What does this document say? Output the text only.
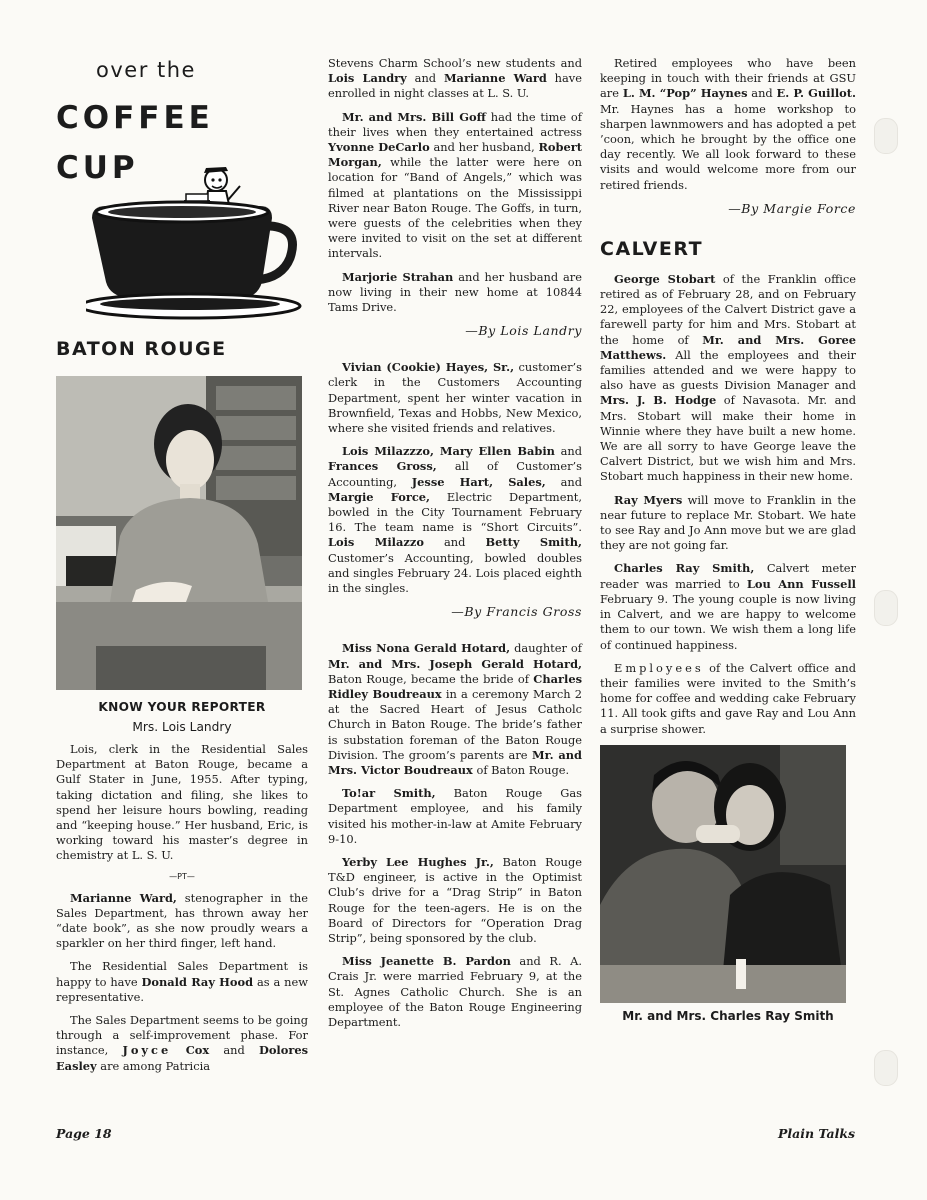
over the
COFFEE
CUP
BATON ROUGE

KNOW YOUR REPORTER

Mrs. Lois Landry

Lois, clerk in the Residential Sales Department at Baton Rouge, became a Gulf Stater in June, 1955. After typing, taking dictation and filing, she likes to spend her leisure hours bowling, reading and “keeping house.” Her husband, Eric, is working toward his master’s degree in chemistry at L. S. U.

—PT—

Marianne Ward, stenographer in the Sales Department, has thrown away her “date book”, as she now proudly wears a sparkler on her third finger, left hand.

The Residential Sales Department is happy to have Donald Ray Hood as a new representative.

The Sales Department seems to be going through a self-improvement phase. For instance, Joyce Cox and Dolores Easley are among Patricia

Stevens Charm School’s new students and Lois Landry and Marianne Ward have enrolled in night classes at L. S. U.

Mr. and Mrs. Bill Goff had the time of their lives when they entertained actress Yvonne DeCarlo and her husband, Robert Morgan, while the latter were here on location for “Band of Angels,” which was filmed at plantations on the Mississippi River near Baton Rouge. The Goffs, in turn, were guests of the celebrities when they were invited to visit on the set at different intervals.

Marjorie Strahan and her husband are now living in their new home at 10844 Tams Drive.

—By Lois Landry

Vivian (Cookie) Hayes, Sr., customer’s clerk in the Customers Accounting Department, spent her winter vacation in Brownfield, Texas and Hobbs, New Mexico, where she visited friends and relatives.

Lois Milazzzo, Mary Ellen Babin and Frances Gross, all of Customer’s Accounting, Jesse Hart, Sales, and Margie Force, Electric Department, bowled in the City Tournament February 16. The team name is “Short Circuits”. Lois Milazzo and Betty Smith, Customer’s Accounting, bowled doubles and singles February 24. Lois placed eighth in the singles.

—By Francis Gross

Miss Nona Gerald Hotard, daughter of Mr. and Mrs. Joseph Gerald Hotard, Baton Rouge, became the bride of Charles Ridley Boudreaux in a ceremony March 2 at the Sacred Heart of Jesus Catholc Church in Baton Rouge. The bride’s father is substation foreman of the Baton Rouge Division. The groom’s parents are Mr. and Mrs. Victor Boudreaux of Baton Rouge.

To!ar Smith, Baton Rouge Gas Department employee, and his family visited his mother-in-law at Amite February 9-10.

Yerby Lee Hughes Jr., Baton Rouge T&D engineer, is active in the Optimist Club’s drive for a “Drag Strip” in Baton Rouge for the teen-agers. He is on the Board of Directors for “Operation Drag Strip”, being sponsored by the club.

Miss Jeanette B. Pardon and R. A. Crais Jr. were married February 9, at the St. Agnes Catholic Church. She is an employee of the Baton Rouge Engineering Department.

Retired employees who have been keeping in touch with their friends at GSU are L. M. “Pop” Haynes and E. P. Guillot. Mr. Haynes has a home workshop to sharpen lawnmowers and has adopted a pet ’coon, which he brought by the office one day recently. We all look forward to these visits and would welcome more from our retired friends.

—By Margie Force
CALVERT

George Stobart of the Franklin office retired as of February 28, and on February 22, employees of the Calvert District gave a farewell party for him and Mrs. Stobart at the home of Mr. and Mrs. Goree Matthews. All the employees and their families attended and we were happy to also have as guests Division Manager and Mrs. J. B. Hodge of Navasota. Mr. and Mrs. Stobart will make their home in Winnie where they have built a new home. We are all sorry to have George leave the Calvert District, but we wish him and Mrs. Stobart much happiness in their new home.

Ray Myers will move to Franklin in the near future to replace Mr. Stobart. We hate to see Ray and Jo Ann move but we are glad they are not going far.

Charles Ray Smith, Calvert meter reader was married to Lou Ann Fussell February 9. The young couple is now living in Calvert, and we are happy to welcome them to our town. We wish them a long life of continued happiness.

Employees of the Calvert office and their families were invited to the Smith’s home for coffee and wedding cake February 11. All took gifts and gave Ray and Lou Ann a surprise shower.

Mr. and Mrs. Charles Ray Smith

Page 18	Plain Talks
